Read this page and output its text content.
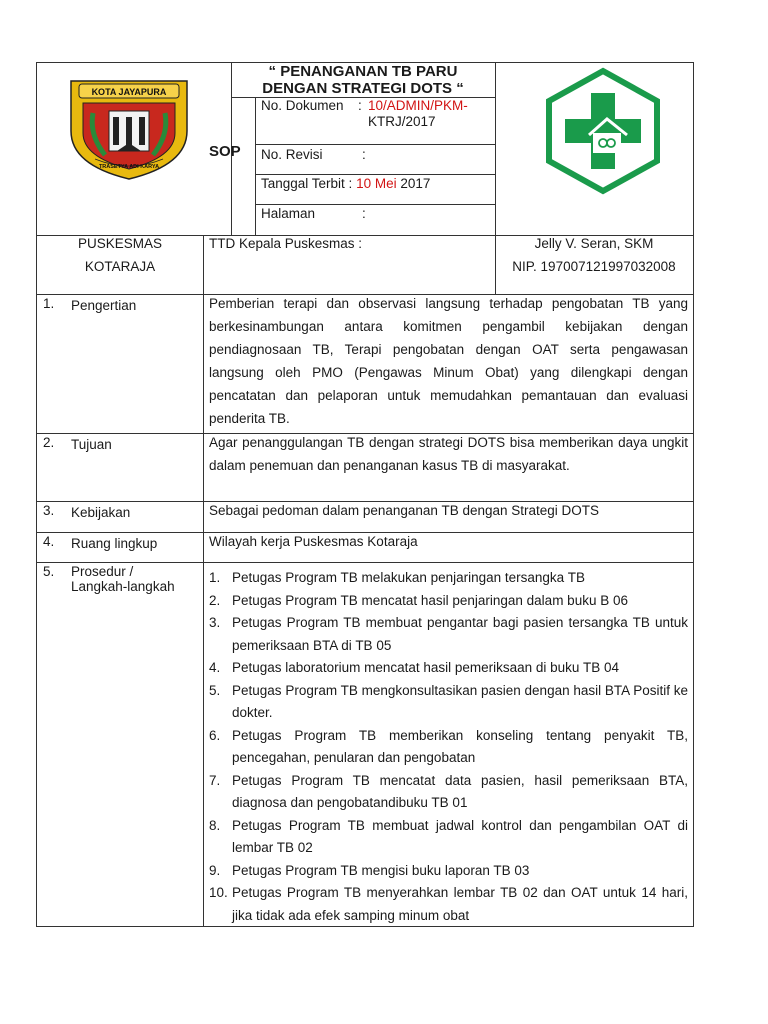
KOTA JAYAPURA
TRASETYA ADI KARYA
“ PENANGANAN TB PARU
DENGAN STRATEGI DOTS “
SOP
No. Dokumen : 10/ADMIN/PKM-
KTRJ/2017
No. Revisi	:
Tanggal Terbit : 10 Mei 2017
Halaman	:
PUSKESMAS
KOTARAJA
TTD Kepala Puskesmas :	Jelly V. Seran, SKM
NIP. 197007121997032008
1. Pengertian	Pemberian terapi dan observasi langsung terhadap pengobatan TB yang berkesinambungan antara komitmen pengambil kebijakan dengan pendiagnosaan TB, Terapi pengobatan dengan OAT serta pengawasan langsung oleh PMO (Pengawas Minum Obat) yang dilengkapi dengan pencatatan dan pelaporan untuk memudahkan pemantauan dan evaluasi penderita TB.
2. Tujuan	Agar penanggulangan TB dengan strategi DOTS bisa memberikan daya ungkit dalam penemuan dan penanganan kasus TB di masyarakat.
3. Kebijakan	Sebagai pedoman dalam penanganan TB dengan Strategi DOTS
4. Ruang lingkup	Wilayah kerja Puskesmas Kotaraja
5. Prosedur /
Langkah-langkah
1. Petugas Program TB melakukan penjaringan tersangka TB
2. Petugas Program TB mencatat hasil penjaringan dalam buku B 06
3. Petugas Program TB membuat pengantar bagi pasien tersangka TB untuk pemeriksaan BTA di TB 05
4. Petugas laboratorium mencatat hasil pemeriksaan di buku TB 04
5. Petugas Program TB mengkonsultasikan pasien dengan hasil BTA Positif ke dokter.
6. Petugas Program TB memberikan konseling tentang penyakit TB, pencegahan, penularan dan pengobatan
7. Petugas Program TB mencatat data pasien, hasil pemeriksaan BTA, diagnosa dan pengobatandibuku TB 01
8. Petugas Program TB membuat jadwal kontrol dan pengambilan OAT di lembar TB 02
9. Petugas Program TB mengisi buku laporan TB 03
10. Petugas Program TB menyerahkan lembar TB 02 dan OAT untuk 14 hari, jika tidak ada efek samping minum obat
